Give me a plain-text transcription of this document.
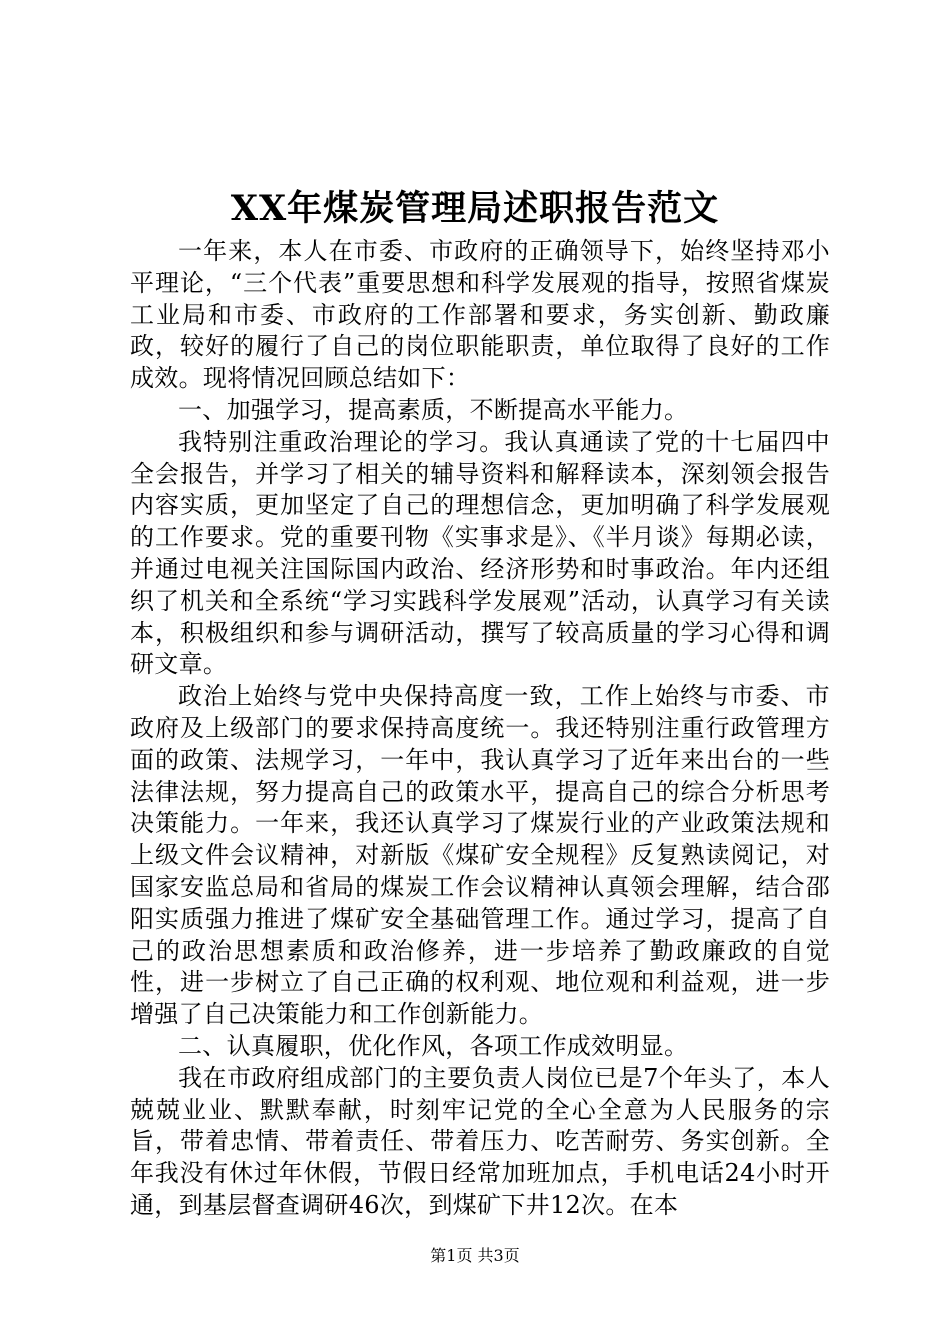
XX年煤炭管理局述职报告范文

一年来，本人在市委、市政府的正确领导下，始终坚持邓小平理论，“三个代表”重要思想和科学发展观的指导，按照省煤炭工业局和市委、市政府的工作部署和要求，务实创新、勤政廉政，较好的履行了自己的岗位职能职责，单位取得了良好的工作成效。现将情况回顾总结如下：

一、加强学习，提高素质，不断提高水平能力。

我特别注重政治理论的学习。我认真通读了党的十七届四中全会报告，并学习了相关的辅导资料和解释读本，深刻领会报告内容实质，更加坚定了自己的理想信念，更加明确了科学发展观的工作要求。党的重要刊物《实事求是》、《半月谈》每期必读，并通过电视关注国际国内政治、经济形势和时事政治。年内还组织了机关和全系统“学习实践科学发展观”活动，认真学习有关读本，积极组织和参与调研活动，撰写了较高质量的学习心得和调研文章。

政治上始终与党中央保持高度一致，工作上始终与市委、市政府及上级部门的要求保持高度统一。我还特别注重行政管理方面的政策、法规学习，一年中，我认真学习了近年来出台的一些法律法规，努力提高自己的政策水平，提高自己的综合分析思考决策能力。一年来，我还认真学习了煤炭行业的产业政策法规和上级文件会议精神，对新版《煤矿安全规程》反复熟读阅记，对国家安监总局和省局的煤炭工作会议精神认真领会理解，结合邵阳实质强力推进了煤矿安全基础管理工作。通过学习，提高了自己的政治思想素质和政治修养，进一步培养了勤政廉政的自觉性，进一步树立了自己正确的权利观、地位观和利益观，进一步增强了自己决策能力和工作创新能力。

二、认真履职，优化作风，各项工作成效明显。

我在市政府组成部门的主要负责人岗位已是7个年头了，本人兢兢业业、默默奉献，时刻牢记党的全心全意为人民服务的宗旨，带着忠情、带着责任、带着压力、吃苦耐劳、务实创新。全年我没有休过年休假，节假日经常加班加点，手机电话24小时开通，到基层督查调研46次，到煤矿下井12次。在本

第1页 共3页
